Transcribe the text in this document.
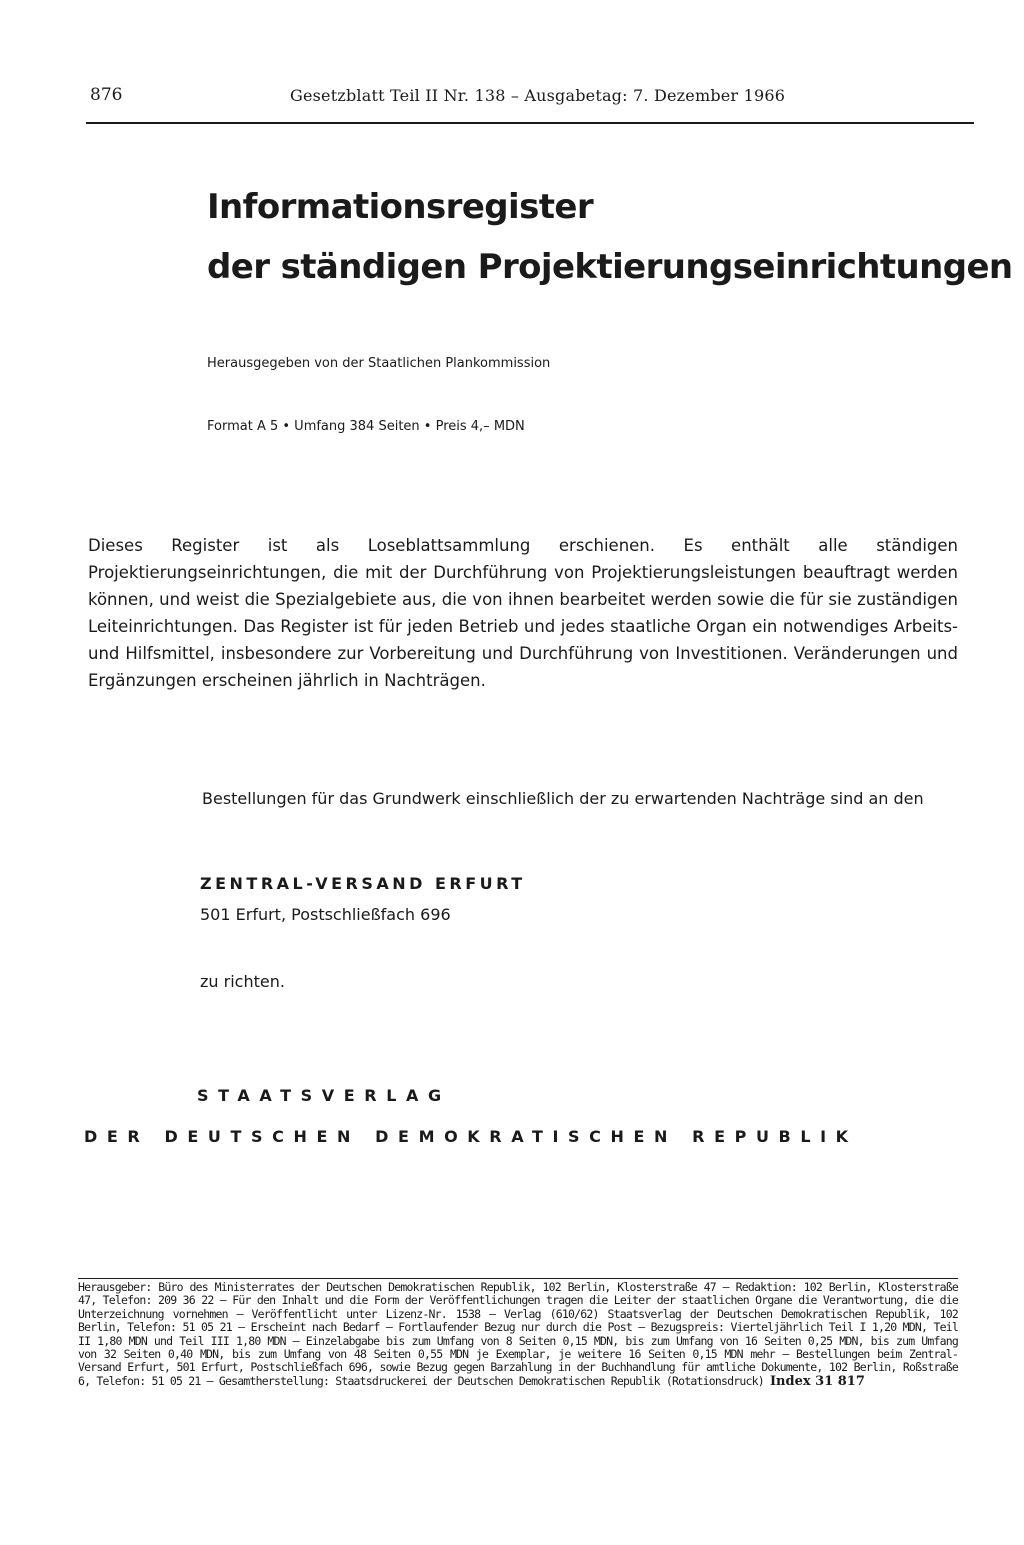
876	Gesetzblatt Teil II Nr. 138 – Ausgabetag: 7. Dezember 1966
Informationsregister
der ständigen Projektierungseinrichtungen
Herausgegeben von der Staatlichen Plankommission
Format A 5 • Umfang 384 Seiten • Preis 4,– MDN
Dieses Register ist als Loseblattsammlung erschienen. Es enthält alle ständigen Projektierungseinrichtungen, die mit der Durchführung von Projektierungsleistungen beauftragt werden können, und weist die Spezialgebiete aus, die von ihnen bearbeitet werden sowie die für sie zuständigen Leiteinrichtungen. Das Register ist für jeden Betrieb und jedes staatliche Organ ein notwendiges Arbeits- und Hilfsmittel, insbesondere zur Vorbereitung und Durchführung von Investitionen. Veränderungen und Ergänzungen erscheinen jährlich in Nachträgen.
Bestellungen für das Grundwerk einschließlich der zu erwartenden Nachträge sind an den
ZENTRAL-VERSAND ERFURT
501 Erfurt, Postschließfach 696
zu richten.
STAATSVERLAG
DER DEUTSCHEN DEMOKRATISCHEN REPUBLIK
Herausgeber: Büro des Ministerrates der Deutschen Demokratischen Republik, 102 Berlin, Klosterstraße 47 – Redaktion: 102 Berlin, Klosterstraße 47, Telefon: 209 36 22 – Für den Inhalt und die Form der Veröffentlichungen tragen die Leiter der staatlichen Organe die Verantwortung, die die Unterzeichnung vornehmen – Veröffentlicht unter Lizenz-Nr. 1538 – Verlag (610/62) Staatsverlag der Deutschen Demokratischen Republik, 102 Berlin, Telefon: 51 05 21 – Erscheint nach Bedarf – Fortlaufender Bezug nur durch die Post – Bezugspreis: Vierteljährlich Teil I 1,20 MDN, Teil II 1,80 MDN und Teil III 1,80 MDN – Einzelabgabe bis zum Umfang von 8 Seiten 0,15 MDN, bis zum Umfang von 16 Seiten 0,25 MDN, bis zum Umfang von 32 Seiten 0,40 MDN, bis zum Umfang von 48 Seiten 0,55 MDN je Exemplar, je weitere 16 Seiten 0,15 MDN mehr – Bestellungen beim Zentral-Versand Erfurt, 501 Erfurt, Postschließfach 696, sowie Bezug gegen Barzahlung in der Buchhandlung für amtliche Dokumente, 102 Berlin, Roßstraße 6, Telefon: 51 05 21 – Gesamtherstellung: Staatsdruckerei der Deutschen Demokratischen Republik (Rotationsdruck) Index 31 817
